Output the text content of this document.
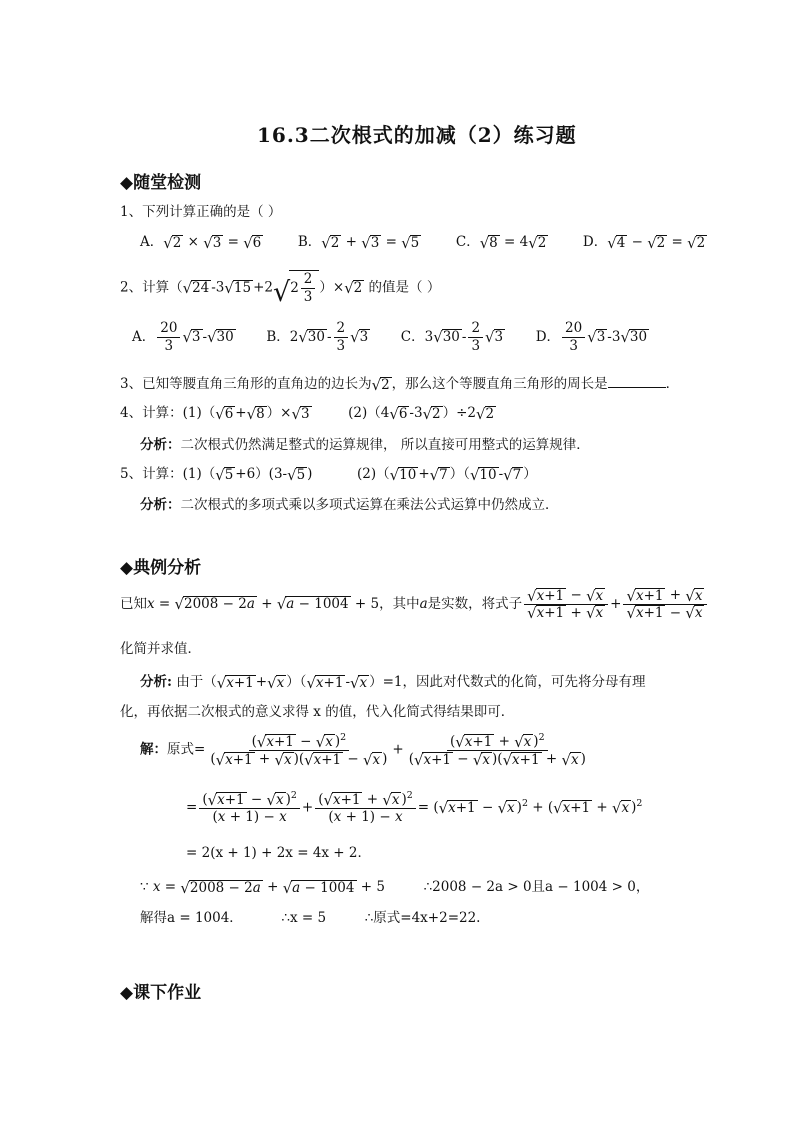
16.3二次根式的加减（2）练习题
◆随堂检测
1、下列计算正确的是（ ）
A． √ 2 × √ 3 = √ 6	B． √ 2 + √ 3 = √ 5	C． √ 8 = 4 √ 2	D． √ 4 − √ 2 = √ 2
2、计算（ √ 24 -3 √ 15 +2 √ $2 \frac{2}{3}$ ）× √ 2 的值是（ ）
A． $\frac{20}{3}$ √ 3 - √ 30 B．2 √ $30 - \frac{2}{3}$ √ 3 C．3 √ $30 - \frac{2}{3}$ √ 3 D． $\frac{20}{3}$ √ 3 -3 √ 30
3、已知等腰直角三角形的直角边的边长为 √ 2 ，那么这个等腰直角三角形的周长是	．
4、计算：(1)（ √ 6 + √ 8 ）× √ 3	(2)（4 √ 6 -3 √ 2 ）÷2 √ 2
分析：二次根式仍然满足整式的运算规律， 所以直接可用整式的运算规律．
5、计算：(1)（ √ 5 +6）(3- √ 5 )	(2)（ √ 10 + √ 7 ）（ √ 10 - √ 7 ）
分析：二次根式的多项式乘以多项式运算在乘法公式运算中仍然成立．
◆典例分析
已知x = √ 2008 − 2a + √ a − 1004 + 5，其中a是实数，将式子 $\frac{√ x+1 - √ x}{√ x+1 + √ x} + \frac{√ x+1 + √ x}{√ x+1 - √ x}$
化简并求值．
分析: 由于（ √ x+1 + √ x ）（ √ x+1 - √ x ）=1，因此对代数式的化简，可先将分母有理
化，再依据二次根式的意义求得 x 的值，代入化简式得结果即可．
解：原式= $\frac{( √ x+1 - √ x )^2}{( √ x+1 + √ x )( √ x+1 - √ x )} + \frac{( √ x+1 + √ x )^2}{( √ x+1 - √ x )( √ x+1 + √ x )}$
= $\frac{( √ x+1 - √ x )^2}{(x + 1) - x} + \frac{( √ x+1 + √ x )^2}{(x + 1) - x}$ = ( √ x+1 − √ x )$^2$ + ( √ x+1 + √ x )$^2$
= 2(x + 1) + 2x = 4x + 2．
∵ x = √ 2008 − 2a + √ a − 1004 + 5	∴2008 − 2a > 0且a − 1004 > 0，
解得a = 1004．	∴x = 5	∴原式=4x+2=22.
◆课下作业
